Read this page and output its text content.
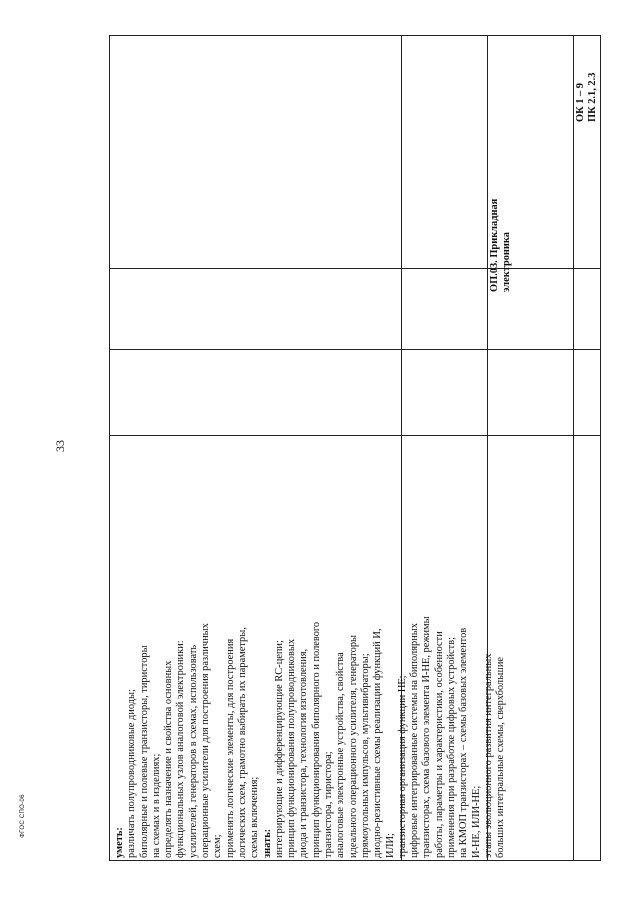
33
ФГОС СПО-06
уметь: различать полупроводниковые диоды; биполярные и полевые транзисторы, тиристоры на схемах и в изделиях; определять назначение и свойства основных функциональных узлов аналоговой электроники: усилителей, генераторов в схемах, использовать операционные усилители для построения различных схем; применять логические элементы, для построения логических схем, грамотно выбирать их параметры, схемы включения; знать: интегрирующие и дифференцирующие RC-цепи; принцип функционирования полупроводниковых диода и транзистора, технология изготовления, принцип функционирования биполярного и полевого транзистора, тиристора; аналоговые электронные устройства, свойства идеального операционного усилителя, генераторы прямоугольных импульсов, мультивибраторы; диодно-резистивные схемы реализации функций И, ИЛИ; транзисторная организация функции НЕ; цифровые интегрированные системы на биполярных транзисторах, схема базового элемента И-НЕ, режимы работы, параметры и характеристики, особенности применения при разработке цифровых устройств; на КМОП транзисторах – схемы базовых элементов И-НЕ, ИЛИ-НЕ; этапы эволюционного развития интегральных больших интегральные схемы, сверхбольшие
ОП.03. Прикладная электроника
ОК 1 – 9 ПК 2.1, 2.3
